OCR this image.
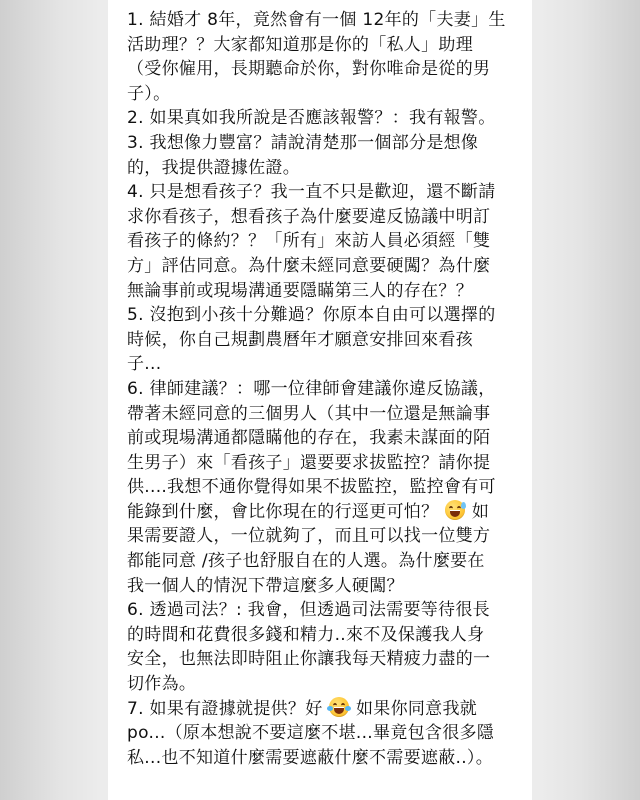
1. 結婚才 8年，竟然會有一個 12年的「夫妻」生
活助理？？大家都知道那是你的「私人」助理
（受你僱用，長期聽命於你，對你唯命是從的男
子）。
2. 如果真如我所說是否應該報警？：我有報警。
3. 我想像力豐富？請說清楚那一個部分是想像
的，我提供證據佐證。
4. 只是想看孩子？我一直不只是歡迎，還不斷請
求你看孩子，想看孩子為什麼要違反協議中明訂
看孩子的條約？？「所有」來訪人員必須經「雙
方」評估同意。為什麼未經同意要硬闖？為什麼
無論事前或現場溝通要隱瞞第三人的存在？？
5. 沒抱到小孩十分難過？你原本自由可以選擇的
時候，你自己規劃農曆年才願意安排回來看孩
子...
6. 律師建議？：哪一位律師會建議你違反協議，
帶著未經同意的三個男人（其中一位還是無論事
前或現場溝通都隱瞞他的存在，我素未謀面的陌
生男子）來「看孩子」還要要求拔監控？請你提
供....我想不通你覺得如果不拔監控，監控會有可
能錄到什麼，會比你現在的行逕更可怕？ 如
果需要證人，一位就夠了，而且可以找一位雙方
都能同意 /孩子也舒服自在的人選。為什麼要在
我一個人的情況下帶這麼多人硬闖？
6. 透過司法？: 我會，但透過司法需要等待很長
的時間和花費很多錢和精力..來不及保護我人身
安全，也無法即時阻止你讓我每天精疲力盡的一
切作為。
7. 如果有證據就提供？好 如果你同意我就
po...（原本想說不要這麼不堪...畢竟包含很多隱
私...也不知道什麼需要遮蔽什麼不需要遮蔽..）。
